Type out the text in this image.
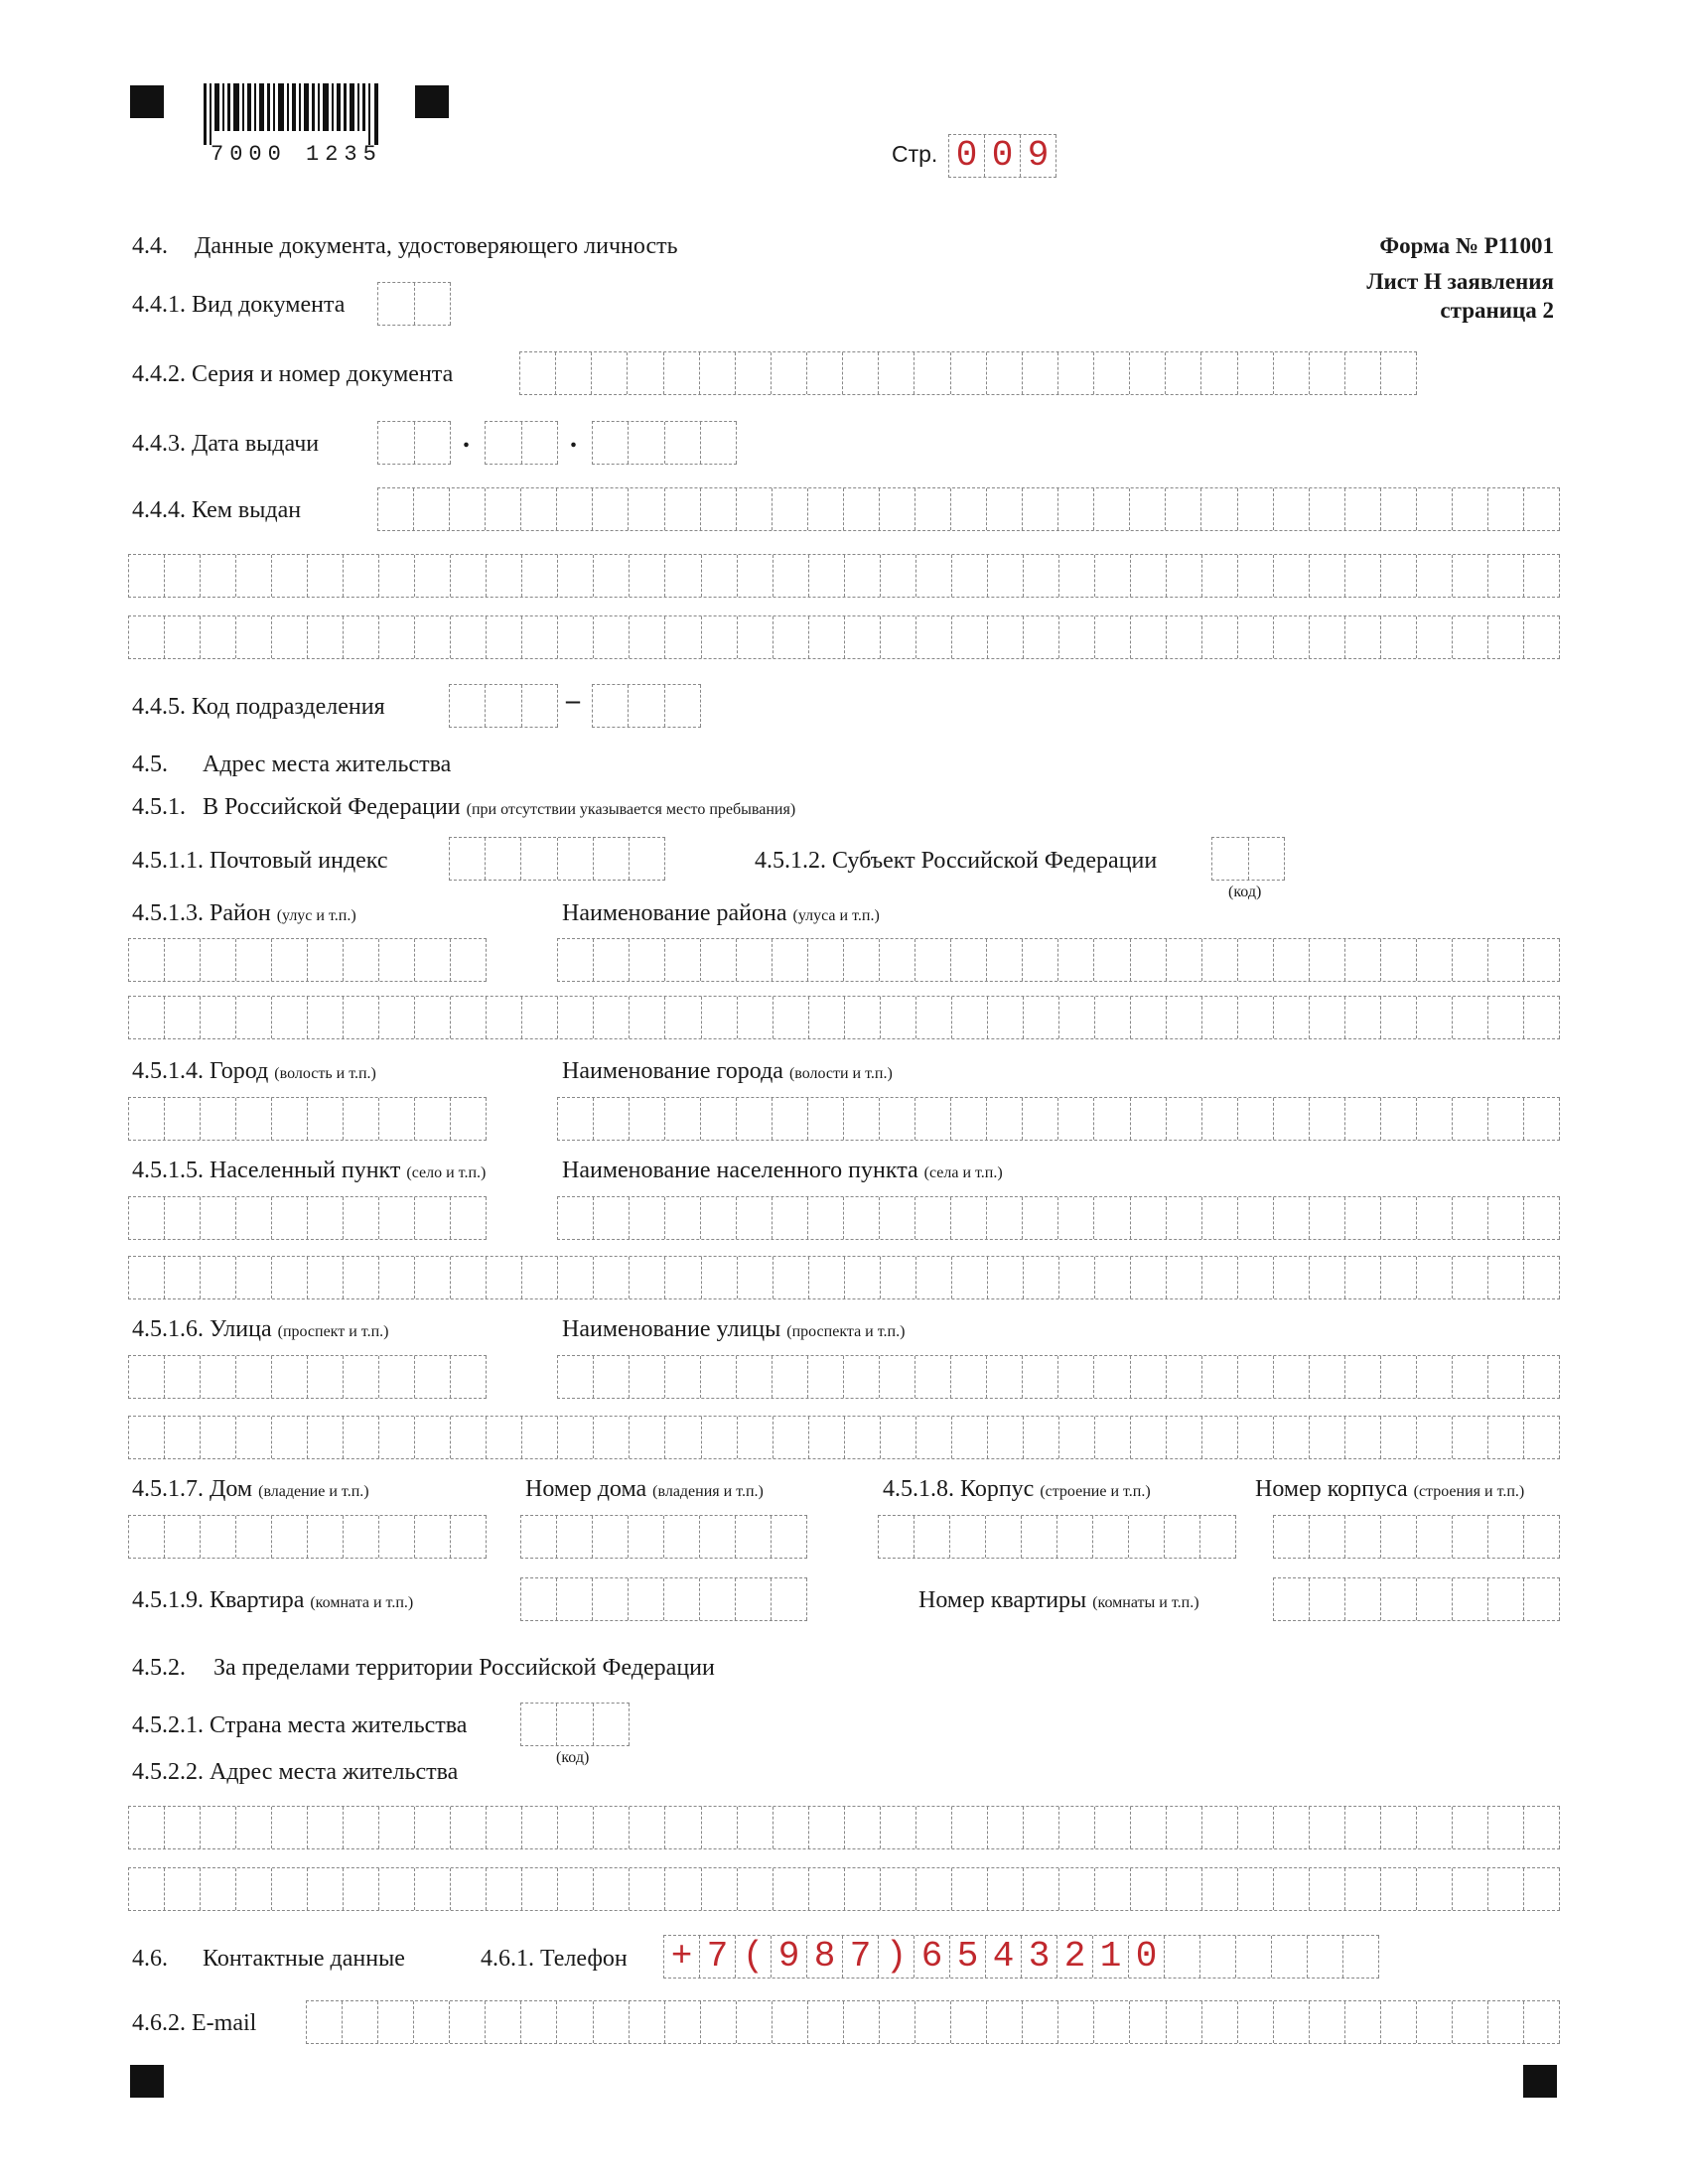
7000 1235	Стр. 0 0 9
Форма № Р11001
Лист Н заявления
страница 2
4.4. Данные документа, удостоверяющего личность
4.4.1. Вид документа
4.4.2. Серия и номер документа
4.4.3. Дата выдачи	.	.
4.4.4. Кем выдан
4.4.5. Код подразделения	–
4.5. Адрес места жительства
4.5.1. В Российской Федерации (при отсутствии указывается место пребывания)
4.5.1.1. Почтовый индекс	4.5.1.2. Субъект Российской Федерации
(код)
4.5.1.3. Район (улус и т.п.)	Наименование района (улуса и т.п.)
4.5.1.4. Город (волость и т.п.)	Наименование города (волости и т.п.)
4.5.1.5. Населенный пункт (село и т.п.)	Наименование населенного пункта (села и т.п.)
4.5.1.6. Улица (проспект и т.п.)	Наименование улицы (проспекта и т.п.)
4.5.1.7. Дом (владение и т.п.)	Номер дома (владения и т.п.)	4.5.1.8. Корпус (строение и т.п.)	Номер корпуса (строения и т.п.)
4.5.1.9. Квартира (комната и т.п.)	Номер квартиры (комнаты и т.п.)
4.5.2. За пределами территории Российской Федерации
4.5.2.1. Страна места жительства
(код)
4.5.2.2. Адрес места жительства
4.6. Контактные данные	4.6.1. Телефон + 7 ( 9 8 7 ) 6 5 4 3 2 1 0
4.6.2. E-mail
